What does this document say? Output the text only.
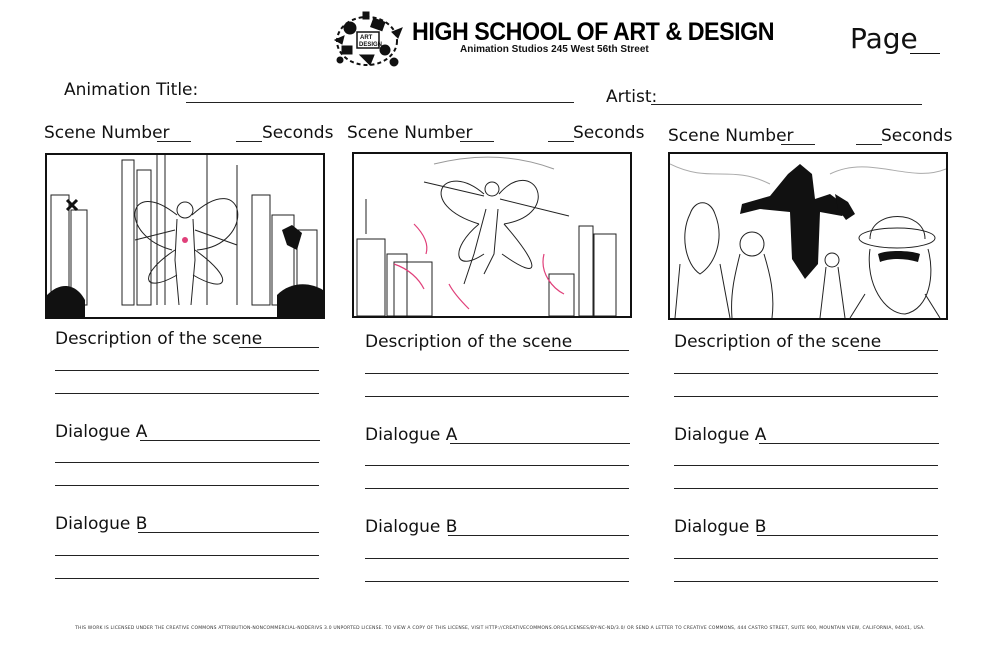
ART
DESIGN HIGH SCHOOL OF ART & DESIGN
Animation Studios 245 West 56th Street	Page
Animation Title:	Artist:
Scene Number	Seconds
Description of the scene
Dialogue A
Dialogue B
Scene Number	Seconds
Description of the scene
Dialogue A
Dialogue B
Scene Number	Seconds
Description of the scene
Dialogue A
Dialogue B
THIS WORK IS LICENSED UNDER THE CREATIVE COMMONS ATTRIBUTION-NONCOMMERCIAL-NODERIVS 3.0 UNPORTED LICENSE. TO VIEW A COPY OF THIS LICENSE, VISIT HTTP://CREATIVECOMMONS.ORG/LICENSES/BY-NC-ND/3.0/ OR SEND A LETTER TO CREATIVE COMMONS, 444 CASTRO STREET, SUITE 900, MOUNTAIN VIEW, CALIFORNIA, 94041, USA.
